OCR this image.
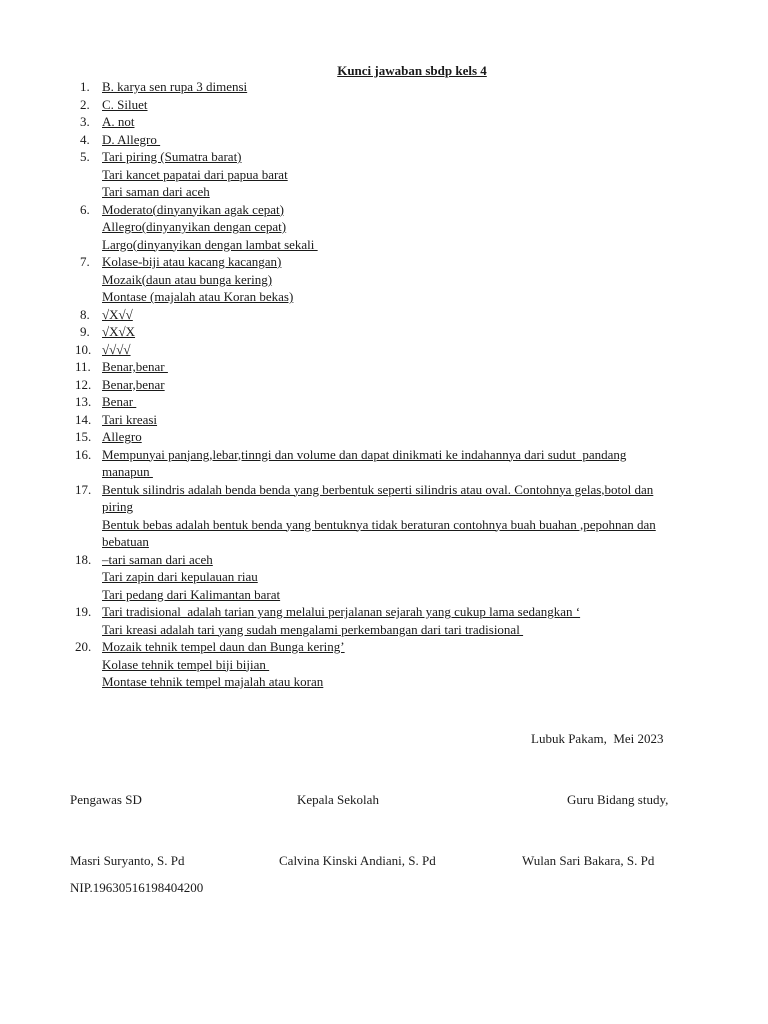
Kunci jawaban sbdp kels 4
1. B. karya sen rupa 3 dimensi
2. C. Siluet
3. A. not
4. D. Allegro
5. Tari piring (Sumatra barat)
Tari kancet papatai dari papua barat
Tari saman dari aceh
6. Moderato(dinyanyikan agak cepat)
Allegro(dinyanyikan dengan cepat)
Largo(dinyanyikan dengan lambat sekali
7. Kolase-biji atau kacang kacangan)
Mozaik(daun atau bunga kering)
Montase (majalah atau Koran bekas)
8. √X√√
9. √X√X
10. √√√√
11. Benar,benar
12. Benar,benar
13. Benar
14. Tari kreasi
15. Allegro
16. Mempunyai panjang,lebar,tinngi dan volume dan dapat dinikmati ke indahannya dari sudut  pandang
manapun
17. Bentuk silindris adalah benda benda yang berbentuk seperti silindris atau oval. Contohnya gelas,botol dan
piring
Bentuk bebas adalah bentuk benda yang bentuknya tidak beraturan contohnya buah buahan ,pepohnan dan
bebatuan
18. –tari saman dari aceh
Tari zapin dari kepulauan riau
Tari pedang dari Kalimantan barat
19. Tari tradisional  adalah tarian yang melalui perjalanan sejarah yang cukup lama sedangkan ‘
Tari kreasi adalah tari yang sudah mengalami perkembangan dari tari tradisional
20. Mozaik tehnik tempel daun dan Bunga kering’
Kolase tehnik tempel biji bijian
Montase tehnik tempel majalah atau koran
Lubuk Pakam,  Mei 2023
Pengawas SD	Kepala Sekolah	Guru Bidang study,
Masri Suryanto, S. Pd	Calvina Kinski Andiani, S. Pd	Wulan Sari Bakara, S. Pd
NIP.19630516198404200
